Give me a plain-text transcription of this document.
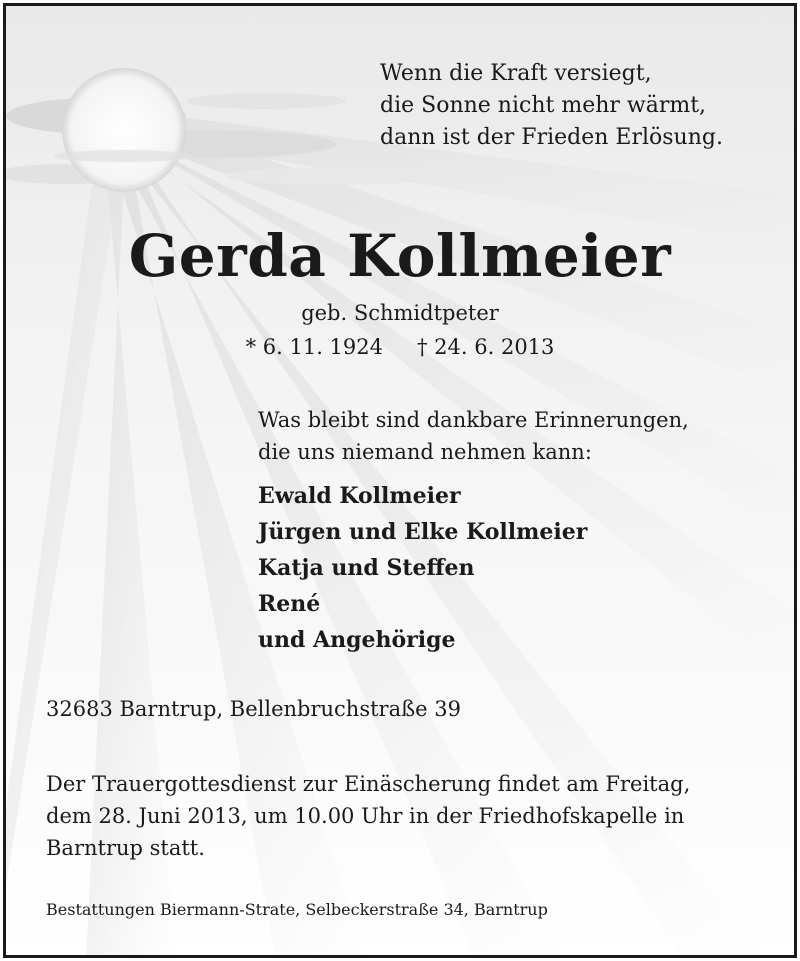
Wenn die Kraft versiegt,
die Sonne nicht mehr wärmt,
dann ist der Frieden Erlösung.
Gerda Kollmeier
geb. Schmidtpeter
* 6. 11. 1924 † 24. 6. 2013
Was bleibt sind dankbare Erinnerungen,
die uns niemand nehmen kann:
Ewald Kollmeier
Jürgen und Elke Kollmeier
Katja und Steffen
René
und Angehörige
32683 Barntrup, Bellenbruchstraße 39
Der Trauergottesdienst zur Einäscherung findet am Freitag,
dem 28. Juni 2013, um 10.00 Uhr in der Friedhofskapelle in
Barntrup statt.
Bestattungen Biermann-Strate, Selbeckerstraße 34, Barntrup
